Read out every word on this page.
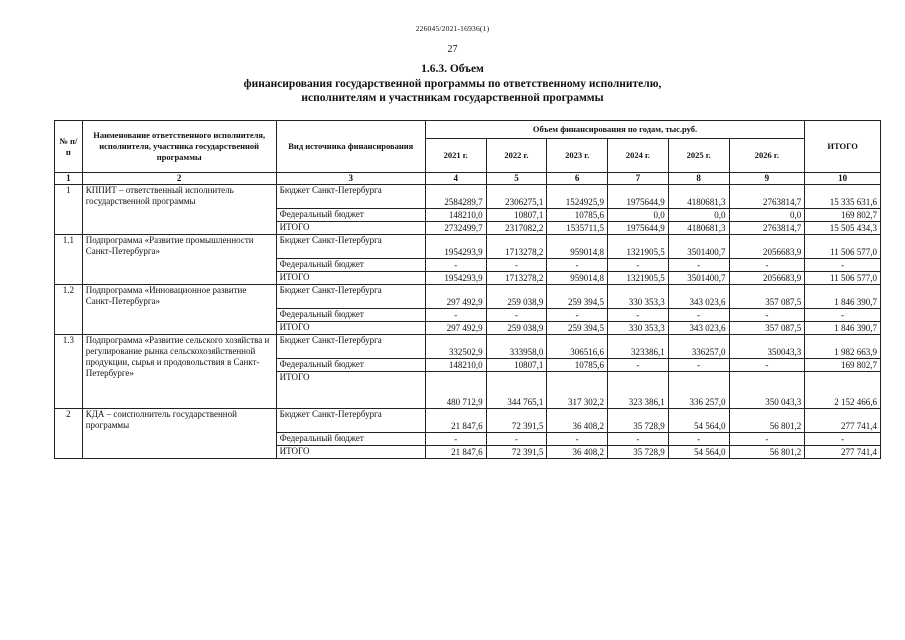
226045/2021-16936(1)
27
1.6.3. Объем
финансирования государственной программы по ответственному исполнителю,
исполнителям и участникам государственной программы
№ п/п	Наименование ответственного исполнителя, исполнителя, участника государственной программы	Вид источника финансирования	Объем финансирования по годам, тыс.руб.						ИТОГО
			2021 г.	2022 г.	2023 г.	2024 г.	2025 г.	2026 г.	
1	2	3	4	5	6	7	8	9	10
1	КППИТ – ответственный исполнитель государственной программы	Бюджет Санкт-Петербурга	2584289,7	2306275,1	1524925,9	1975644,9	4180681,3	2763814,7	15 335 631,6
		Федеральный бюджет	148210,0	10807,1	10785,6	0,0	0,0	0,0	169 802,7
		ИТОГО	2732499,7	2317082,2	1535711,5	1975644,9	4180681,3	2763814,7	15 505 434,3
1.1	Подпрограмма «Развитие промышленности Санкт-Петербурга»	Бюджет Санкт-Петербурга	1954293,9	1713278,2	959014,8	1321905,5	3501400,7	2056683,9	11 506 577,0
		Федеральный бюджет	-	-	-	-	-	-	-
		ИТОГО	1954293,9	1713278,2	959014,8	1321905,5	3501400,7	2056683,9	11 506 577,0
1.2	Подпрограмма «Инновационное развитие Санкт-Петербурга»	Бюджет Санкт-Петербурга	297 492,9	259 038,9	259 394,5	330 353,3	343 023,6	357 087,5	1 846 390,7
		Федеральный бюджет	-	-	-	-	-	-	-
		ИТОГО	297 492,9	259 038,9	259 394,5	330 353,3	343 023,6	357 087,5	1 846 390,7
1.3	Подпрограмма «Развитие сельского хозяйства и регулирование рынка сельскохозяйственной продукции, сырья и продовольствия в Санкт-Петербурге»	Бюджет Санкт-Петербурга	332502,9	333958,0	306516,6	323386,1	336257,0	350043,3	1 982 663,9
		Федеральный бюджет	148210,0	10807,1	10785,6	-	-	-	169 802,7
		ИТОГО	480 712,9	344 765,1	317 302,2	323 386,1	336 257,0	350 043,3	2 152 466,6
2	КДА – соисполнитель государственной программы	Бюджет Санкт-Петербурга	21 847,6	72 391,5	36 408,2	35 728,9	54 564,0	56 801,2	277 741,4
		Федеральный бюджет	-	-	-	-	-	-	-
		ИТОГО	21 847,6	72 391,5	36 408,2	35 728,9	54 564,0	56 801,2	277 741,4
